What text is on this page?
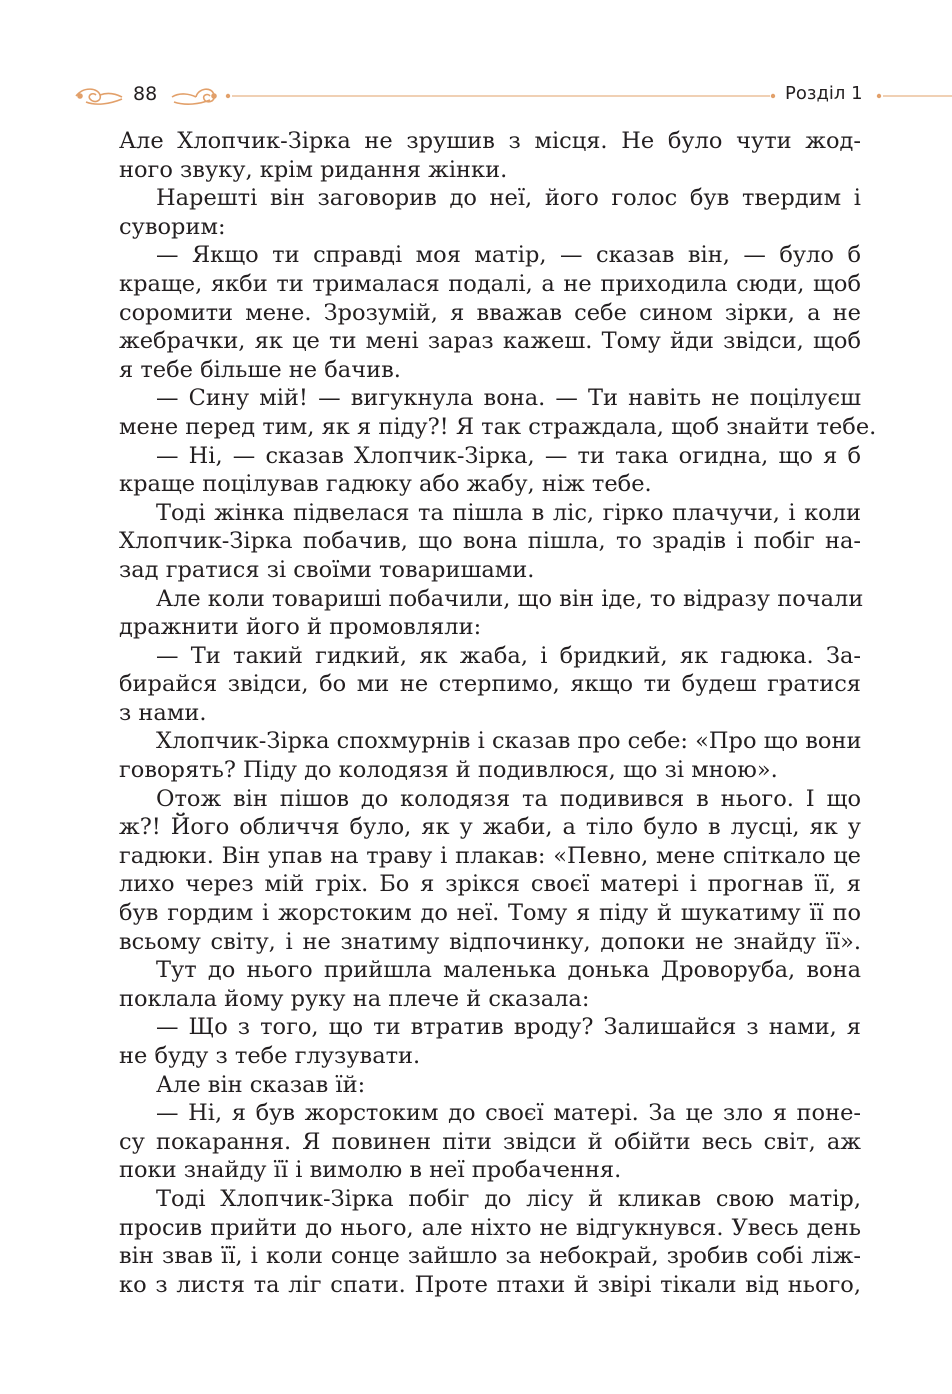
88	Розділ 1
Але Хлопчик-Зірка не зрушив з місця. Не було чути жод-
ного звуку, крім ридання жінки.
Нарешті він заговорив до неї, його голос був твердим і
суворим:
— Якщо ти справді моя матір, — сказав він, — було б
краще, якби ти трималася подалі, а не приходила сюди, щоб
соромити мене. Зрозумій, я вважав себе сином зірки, а не
жебрачки, як це ти мені зараз кажеш. Тому йди звідси, щоб
я тебе більше не бачив.
— Сину мій! — вигукнула вона. — Ти навіть не поцілуєш
мене перед тим, як я піду?! Я так страждала, щоб знайти тебе.
— Ні, — сказав Хлопчик-Зірка, — ти така огидна, що я б
краще поцілував гадюку або жабу, ніж тебе.
Тоді жінка підвелася та пішла в ліс, гірко плачучи, і коли
Хлопчик-Зірка побачив, що вона пішла, то зрадів і побіг на-
зад гратися зі своїми товаришами.
Але коли товариші побачили, що він іде, то відразу почали
дражнити його й промовляли:
— Ти такий гидкий, як жаба, і бридкий, як гадюка. За-
бирайся звідси, бо ми не стерпимо, якщо ти будеш гратися
з нами.
Хлопчик-Зірка спохмурнів і сказав про себе: «Про що вони
говорять? Піду до колодязя й подивлюся, що зі мною».
Отож він пішов до колодязя та подивився в нього. І що
ж?! Його обличчя було, як у жаби, а тіло було в лусці, як у
гадюки. Він упав на траву і плакав: «Певно, мене спіткало це
лихо через мій гріх. Бо я зрікся своєї матері і прогнав її, я
був гордим і жорстоким до неї. Тому я піду й шукатиму її по
всьому світу, і не знатиму відпочинку, допоки не знайду її».
Тут до нього прийшла маленька донька Дроворуба, вона
поклала йому руку на плече й сказала:
— Що з того, що ти втратив вроду? Залишайся з нами, я
не буду з тебе глузувати.
Але він сказав їй:
— Ні, я був жорстоким до своєї матері. За це зло я поне-
су покарання. Я повинен піти звідси й обійти весь світ, аж
поки знайду її і вимолю в неї пробачення.
Тоді Хлопчик-Зірка побіг до лісу й кликав свою матір,
просив прийти до нього, але ніхто не відгукнувся. Увесь день
він звав її, і коли сонце зайшло за небокрай, зробив собі ліж-
ко з листя та ліг спати. Проте птахи й звірі тікали від нього,
